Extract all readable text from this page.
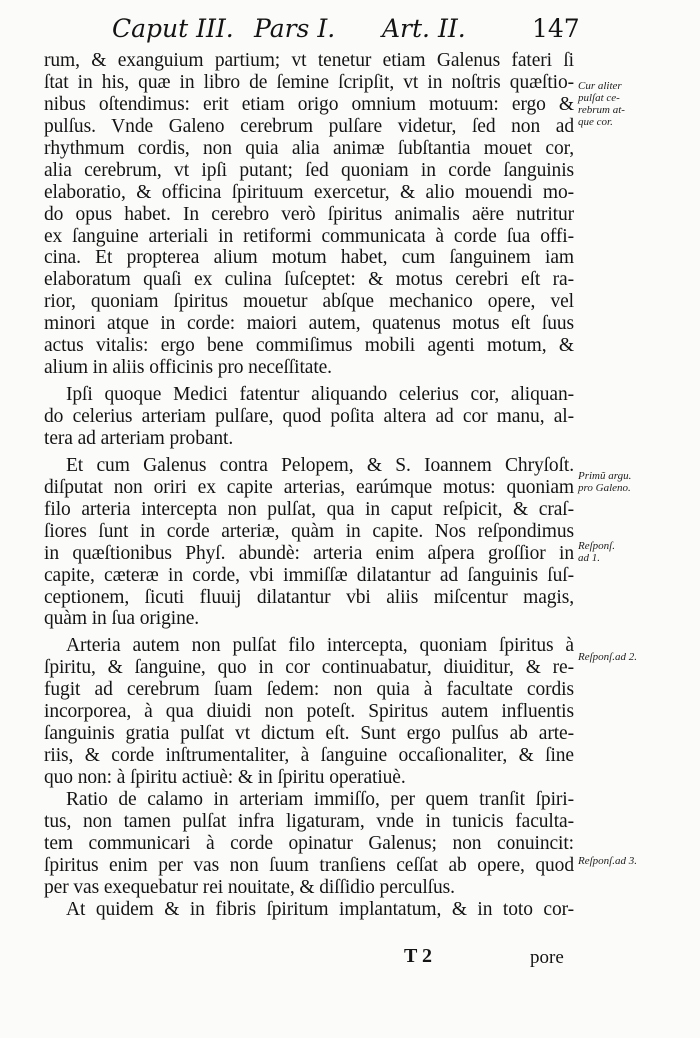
Caput III. Pars I. Art. II.	147
rum, & exanguium partium; vt tenetur etiam Galenus fateri ſi
ſtat in his, quæ in libro de ſemine ſcripſit, vt in noſtris quæſtio-
nibus oſtendimus: erit etiam origo omnium motuum: ergo &
pulſus. Vnde Galeno cerebrum pulſare videtur, ſed non ad
rhythmum cordis, non quia alia animæ ſubſtantia mouet cor,
alia cerebrum, vt ipſi putant; ſed quoniam in corde ſanguinis
elaboratio, & officina ſpirituum exercetur, & alio mouendi mo-
do opus habet. In cerebro verò ſpiritus animalis aëre nutritur
ex ſanguine arteriali in retiformi communicata à corde ſua offi-
cina. Et propterea alium motum habet, cum ſanguinem iam
elaboratum quaſi ex culina ſuſceptet: & motus cerebri eſt ra-
rior, quoniam ſpiritus mouetur abſque mechanico opere, vel
minori atque in corde: maiori autem, quatenus motus eſt ſuus
actus vitalis: ergo bene commiſimus mobili agenti motum, &
alium in aliis officinis pro neceſſitate.
Ipſi quoque Medici fatentur aliquando celerius cor, aliquan-
do celerius arteriam pulſare, quod poſita altera ad cor manu, al-
tera ad arteriam probant.
Et cum Galenus contra Pelopem, & S. Ioannem Chryſoſt.
diſputat non oriri ex capite arterias, earúmque motus: quoniam
filo arteria intercepta non pulſat, qua in caput reſpicit, & craſ-
ſiores ſunt in corde arteriæ, quàm in capite. Nos reſpondimus
in quæſtionibus Phyſ. abundè: arteria enim aſpera groſſior in
capite, cæteræ in corde, vbi immiſſæ dilatantur ad ſanguinis ſuſ-
ceptionem, ſicuti fluuij dilatantur vbi aliis miſcentur magis,
quàm in ſua origine.
Arteria autem non pulſat filo intercepta, quoniam ſpiritus à
ſpiritu, & ſanguine, quo in cor continuabatur, diuiditur, & re-
fugit ad cerebrum ſuam ſedem: non quia à facultate cordis
incorporea, à qua diuidi non poteſt. Spiritus autem influentis
ſanguinis gratia pulſat vt dictum eſt. Sunt ergo pulſus ab arte-
riis, & corde inſtrumentaliter, à ſanguine occaſionaliter, & ſine
quo non: à ſpiritu actiuè: & in ſpiritu operatiuè.
Ratio de calamo in arteriam immiſſo, per quem tranſit ſpiri-
tus, non tamen pulſat infra ligaturam, vnde in tunicis faculta-
tem communicari à corde opinatur Galenus; non conuincit:
ſpiritus enim per vas non ſuum tranſiens ceſſat ab opere, quod
per vas exequebatur rei nouitate, & diſſidio perculſus.
At quidem & in fibris ſpiritum implantatum, & in toto cor-
Cur aliter
pulſat ce-
rebrum at-
que cor.
Primũ argu.
pro Galeno.
Reſponſ.
ad 1.
Reſponſ.ad 2.
Reſponſ.ad 3.
T 2	pore
